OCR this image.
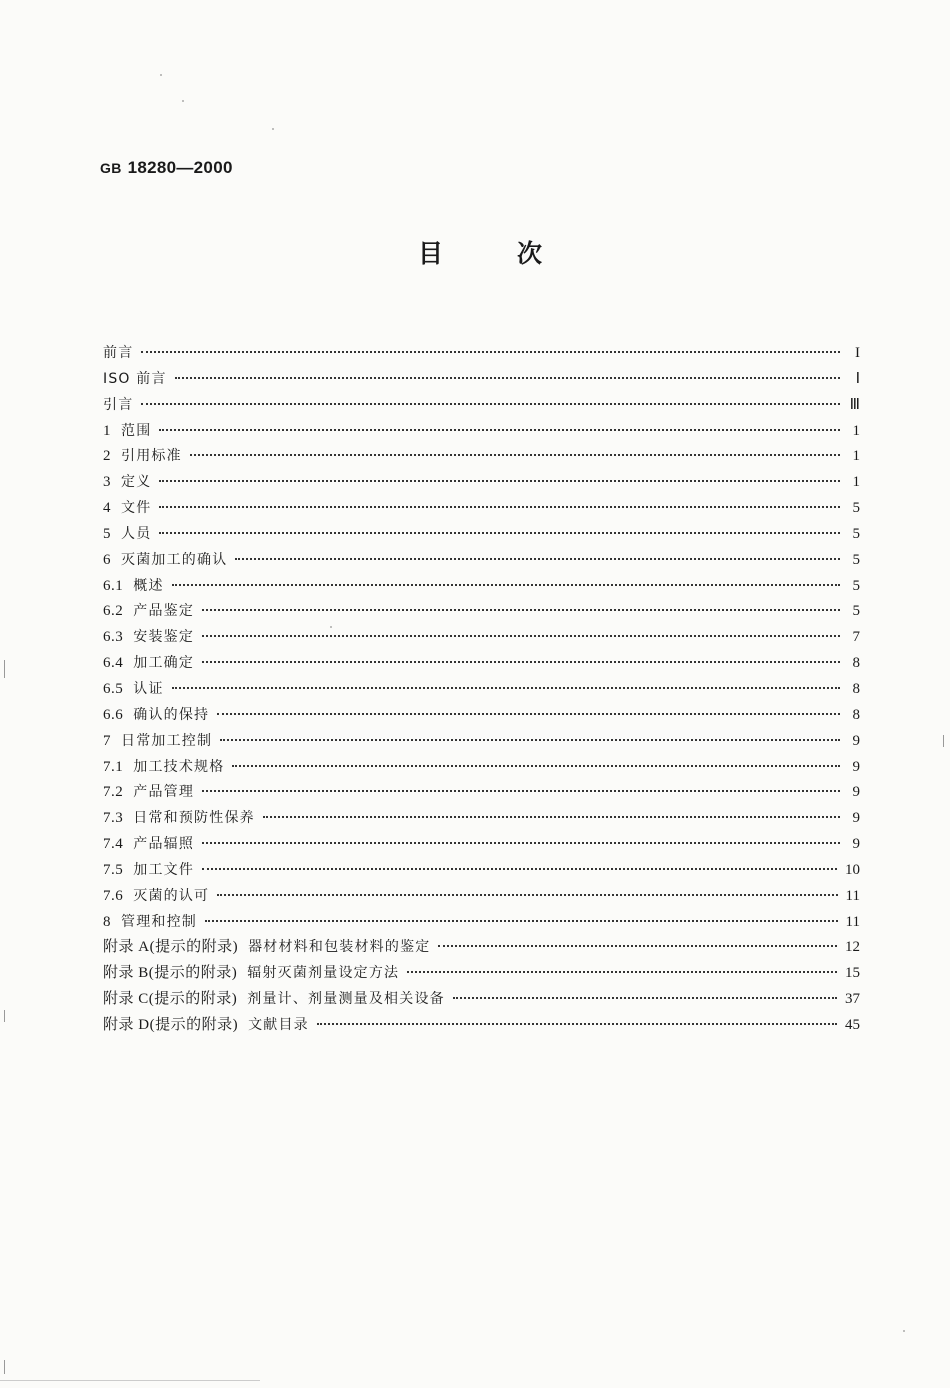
GB 18280—2000
目次
前言	I
ISO 前言	Ⅰ
引言	Ⅲ
1 范围	1
2 引用标准	1
3 定义	1
4 文件	5
5 人员	5
6 灭菌加工的确认	5
6.1 概述	5
6.2 产品鉴定	5
6.3 安装鉴定	7
6.4 加工确定	8
6.5 认证	8
6.6 确认的保持	8
7 日常加工控制	9
7.1 加工技术规格	9
7.2 产品管理	9
7.3 日常和预防性保养	9
7.4 产品辐照	9
7.5 加工文件	10
7.6 灭菌的认可	11
8 管理和控制	11
附录 A(提示的附录) 器材材料和包装材料的鉴定	12
附录 B(提示的附录) 辐射灭菌剂量设定方法	15
附录 C(提示的附录) 剂量计、剂量测量及相关设备	37
附录 D(提示的附录) 文献目录	45
